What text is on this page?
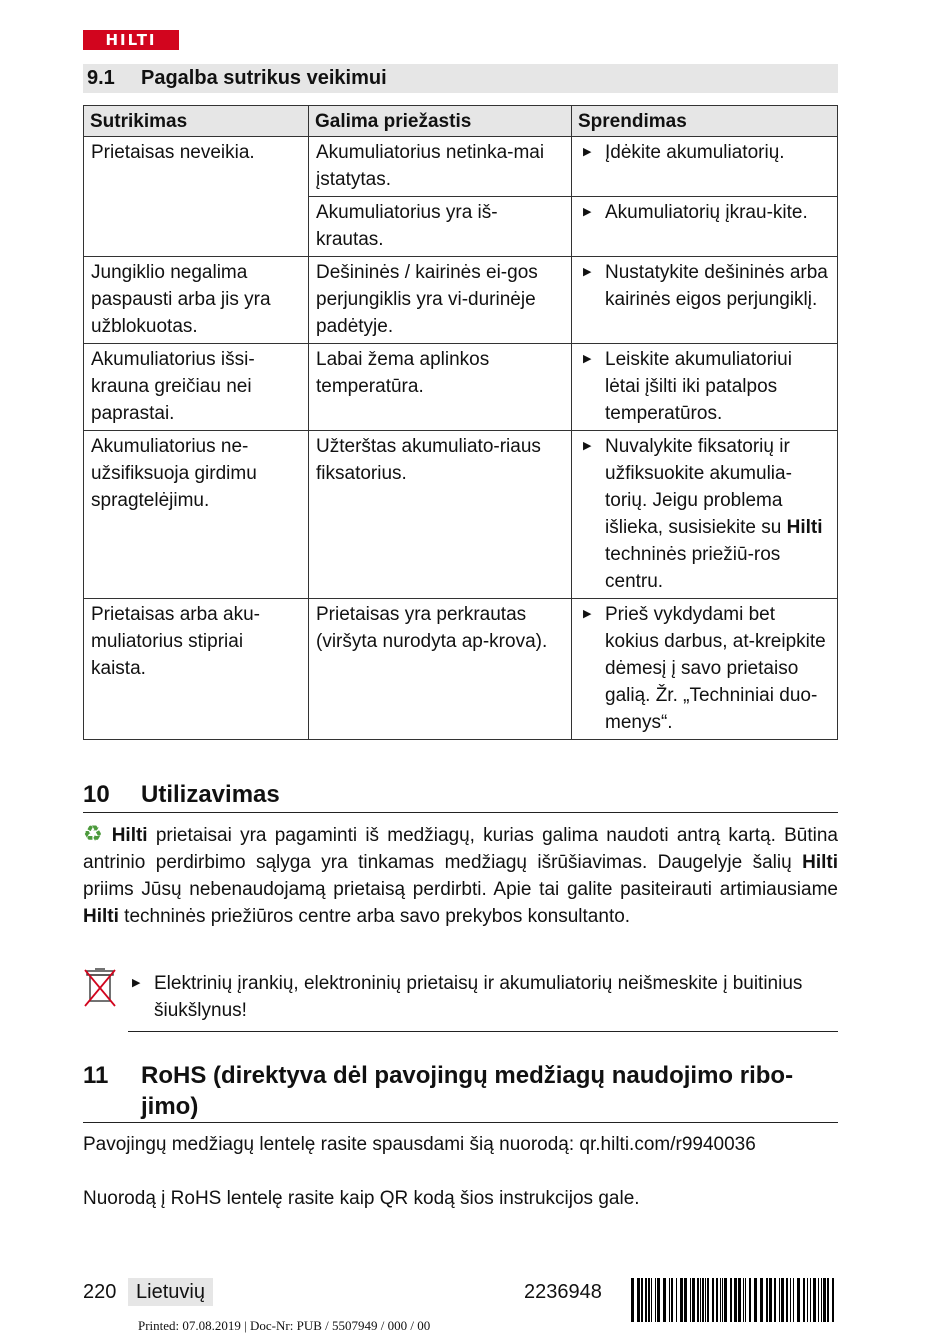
HILTI
9.1 Pagalba sutrikus veikimui
Sutrikimas	Galima priežastis	Sprendimas
Prietaisas neveikia.	Akumuliatorius netinka-mai įstatytas.	▶ Įdėkite akumuliatorių.

	Akumuliatorius yra iš-krautas.	▶ Akumuliatorių įkrau-kite.

Jungiklio negalima paspausti arba jis yra užblokuotas.	Dešininės / kairinės ei-gos perjungiklis yra vi-durinėje padėtyje.	▶ Nustatykite dešininės arba kairinės eigos perjungiklį.

Akumuliatorius išsi-krauna greičiau nei paprastai.	Labai žema aplinkos temperatūra.	▶ Leiskite akumuliatoriui lėtai įšilti iki patalpos temperatūros.

Akumuliatorius ne-užsifiksuoja girdimu spragtelėjimu.	Užterštas akumuliato-riaus fiksatorius.	▶ Nuvalykite fiksatorių ir užfiksuokite akumulia-torių. Jeigu problema išlieka, susisiekite su Hilti techninės priežiū-ros centru.

Prietaisas arba aku-muliatorius stipriai kaista.	Prietaisas yra perkrautas (viršyta nurodyta ap-krova).	▶ Prieš vykdydami bet kokius darbus, at-kreipkite dėmesį į savo prietaiso galią. Žr. „Techniniai duo-menys“.
10 Utilizavimas
♻ Hilti prietaisai yra pagaminti iš medžiagų, kurias galima naudoti antrą kartą. Būtina antrinio perdirbimo sąlyga yra tinkamas medžiagų išrūšiavimas. Daugelyje šalių Hilti priims Jūsų nebenaudojamą prietaisą perdirbti. Apie tai galite pasiteirauti artimiausiame Hilti techninės priežiūros centre arba savo prekybos konsultanto.
▶ Elektrinių įrankių, elektroninių prietaisų ir akumuliatorių neišmeskite į buitinius šiukšlynus!
11 RoHS (direktyva dėl pavojingų medžiagų naudojimo ribo-jimo)
Pavojingų medžiagų lentelę rasite spausdami šią nuorodą: qr.hilti.com/r9940036
Nuorodą į RoHS lentelę rasite kaip QR kodą šios instrukcijos gale.
220 Lietuvių	2236948
Printed: 07.08.2019 | Doc-Nr: PUB / 5507949 / 000 / 00
